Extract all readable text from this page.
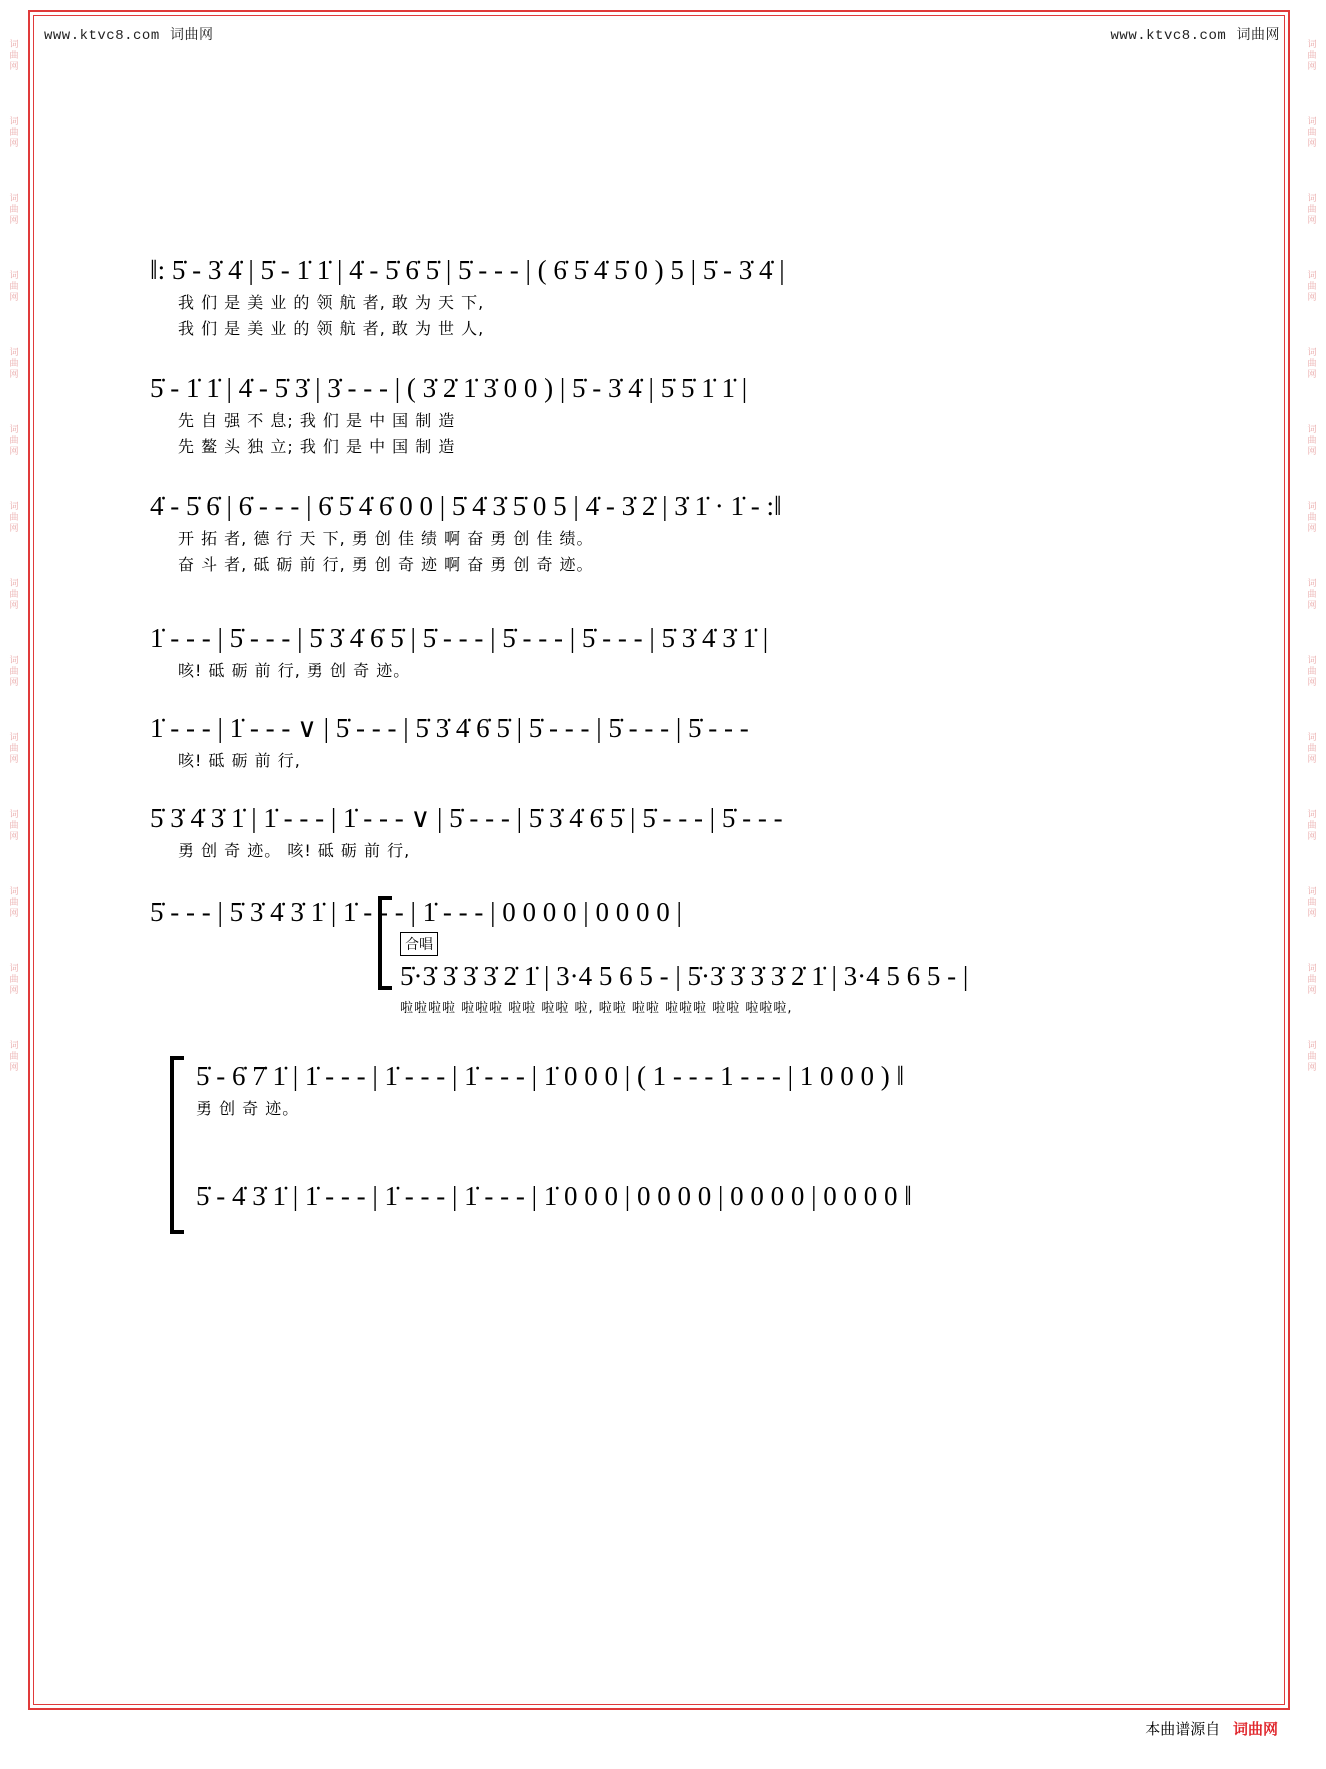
www.ktvc8.com 词曲网	www.ktvc8.com 词曲网
词
曲
网
词
曲
网
词
曲
网
词
曲
网
词
曲
网
词
曲
网
词
曲
网
词
曲
网
词
曲
网
词
曲
网
词
曲
网
词
曲
网
词
曲
网
词
曲
网
词
曲
网
词
曲
网
词
曲
网
词
曲
网
词
曲
网
词
曲
网
词
曲
网
词
曲
网
词
曲
网
词
曲
网
词
曲
网
词
曲
网
词
曲
网
词
曲
网
‖: 5̇ - 3̇ 4̇ | 5̇ - 1̇ 1̇ | 4̇ - 5̇ 6̇ 5̇ | 5̇ - - - | ( 6̇ 5̇ 4̇ 5̇ 0 ) 5 | 5̇ - 3̇ 4̇ |
我 们 是 美 业 的 领 航 者, 敢 为 天 下,
我 们 是 美 业 的 领 航 者, 敢 为 世 人,
5̇ - 1̇ 1̇ | 4̇ - 5̇ 3̇ | 3̇ - - - | ( 3̇ 2̇ 1̇ 3̇ 0 0 ) | 5̇ - 3̇ 4̇ | 5̇ 5̇ 1̇ 1̇ |
先 自 强 不 息; 我 们 是 中 国 制 造
先 鳌 头 独 立; 我 们 是 中 国 制 造
4̇ - 5̇ 6̇ | 6̇ - - - | 6̇ 5̇ 4̇ 6̇ 0 0 | 5̇ 4̇ 3̇ 5̇ 0 5 | 4̇ - 3̇ 2̇ | 3̇ 1̇ · 1̇ - :‖
开 拓 者, 德 行 天 下, 勇 创 佳 绩 啊 奋 勇 创 佳 绩。
奋 斗 者, 砥 砺 前 行, 勇 创 奇 迹 啊 奋 勇 创 奇 迹。
1̇ - - - | 5̇ - - - | 5̇ 3̇ 4̇ 6̇ 5̇ | 5̇ - - - | 5̇ - - - | 5̇ - - - | 5̇ 3̇ 4̇ 3̇ 1̇ |
咳! 砥 砺 前 行, 勇 创 奇 迹。
1̇ - - - | 1̇ - - - ∨ | 5̇ - - - | 5̇ 3̇ 4̇ 6̇ 5̇ | 5̇ - - - | 5̇ - - - | 5̇ - - -
咳! 砥 砺 前 行,
5̇ 3̇ 4̇ 3̇ 1̇ | 1̇ - - - | 1̇ - - - ∨ | 5̇ - - - | 5̇ 3̇ 4̇ 6̇ 5̇ | 5̇ - - - | 5̇ - - -
勇 创 奇 迹。 咳! 砥 砺 前 行,
5̇ - - - | 5̇ 3̇ 4̇ 3̇ 1̇ | 1̇ - - - | 1̇ - - - | 0 0 0 0 | 0 0 0 0 |
合唱
5̇·3̇ 3̇ 3̇ 3̇ 2̇ 1̇ | 3·4 5 6 5 - | 5̇·3̇ 3̇ 3̇ 3̇ 2̇ 1̇ | 3·4 5 6 5 - |
啦啦啦啦 啦啦啦 啦啦 啦啦 啦, 啦啦 啦啦 啦啦啦 啦啦 啦啦啦,
5̇ - 6̇ 7̇ 1̇ | 1̇ - - - | 1̇ - - - | 1̇ - - - | 1̇ 0 0 0 | ( 1 - - - 1 - - - | 1 0 0 0 ) ‖
勇 创 奇 迹。
5̇ - 4̇ 3̇ 1̇ | 1̇ - - - | 1̇ - - - | 1̇ - - - | 1̇ 0 0 0 | 0 0 0 0 | 0 0 0 0 | 0 0 0 0 ‖
本曲谱源自 词曲网
